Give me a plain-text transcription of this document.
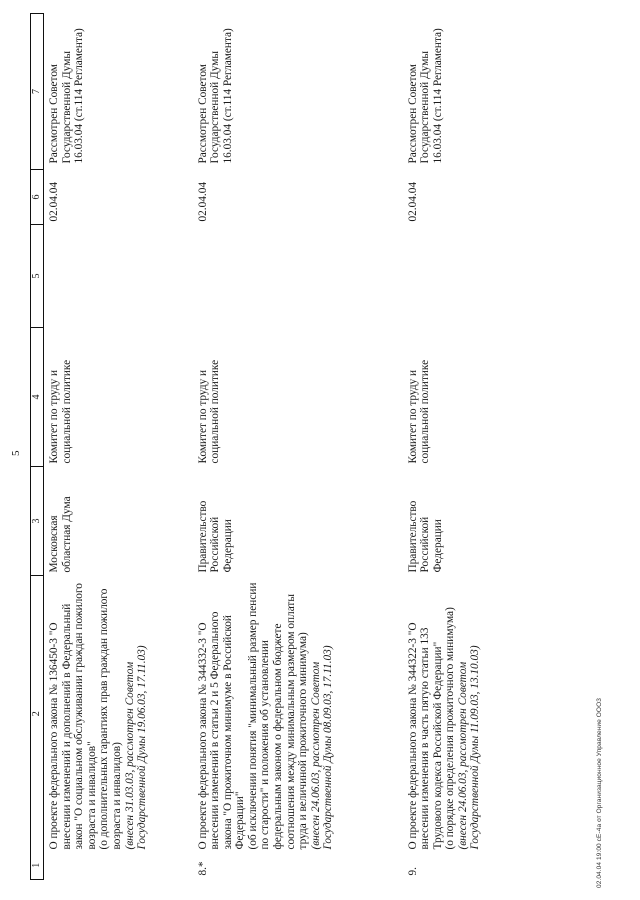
5
1	2	3	4	5	6	7
	О проекте федерального закона № 136450-3 "О внесении изменений и дополнений в Федеральный закон "О социальном обслуживании граждан пожилого возраста и инвалидов"
(о дополнительных гарантиях прав граждан пожилого возраста и инвалидов)
(внесен 31.03.03, рассмотрен Советом Государственной Думы 19.06.03, 17.11.03)	Московская областная Дума	Комитет по труду и социальной политике		02.04.04	Рассмотрен Советом Государственной Думы 16.03.04 (ст.114 Регламента)
8.*	О проекте федерального закона № 344332-3 "О внесении изменений в статьи 2 и 5 Федерального закона "О прожиточном минимуме в Российской Федерации"
(об исключении понятия "минимальный размер пенсии по старости" и положения об установлении федеральным законом о федеральном бюджете соотношения между минимальным размером оплаты труда и величиной прожиточного минимума)
(внесен 24.06.03, рассмотрен Советом Государственной Думы 08.09.03, 17.11.03)	Правительство Российской Федерации	Комитет по труду и социальной политике		02.04.04	Рассмотрен Советом Государственной Думы 16.03.04 (ст.114 Регламента)
9.	О проекте федерального закона № 344322-3 "О внесении изменения в часть пятую статьи 133 Трудового кодекса Российской Федерации"
(о порядке определения прожиточного минимума)
(внесен 24.06.03, рассмотрен Советом Государственной Думы 11.09.03, 13.10.03)	Правительство Российской Федерации	Комитет по труду и социальной политике		02.04.04	Рассмотрен Советом Государственной Думы 16.03.04 (ст.114 Регламента)
02.04.04 19:00 сЕ-4а от Организационное Управление ООО3
